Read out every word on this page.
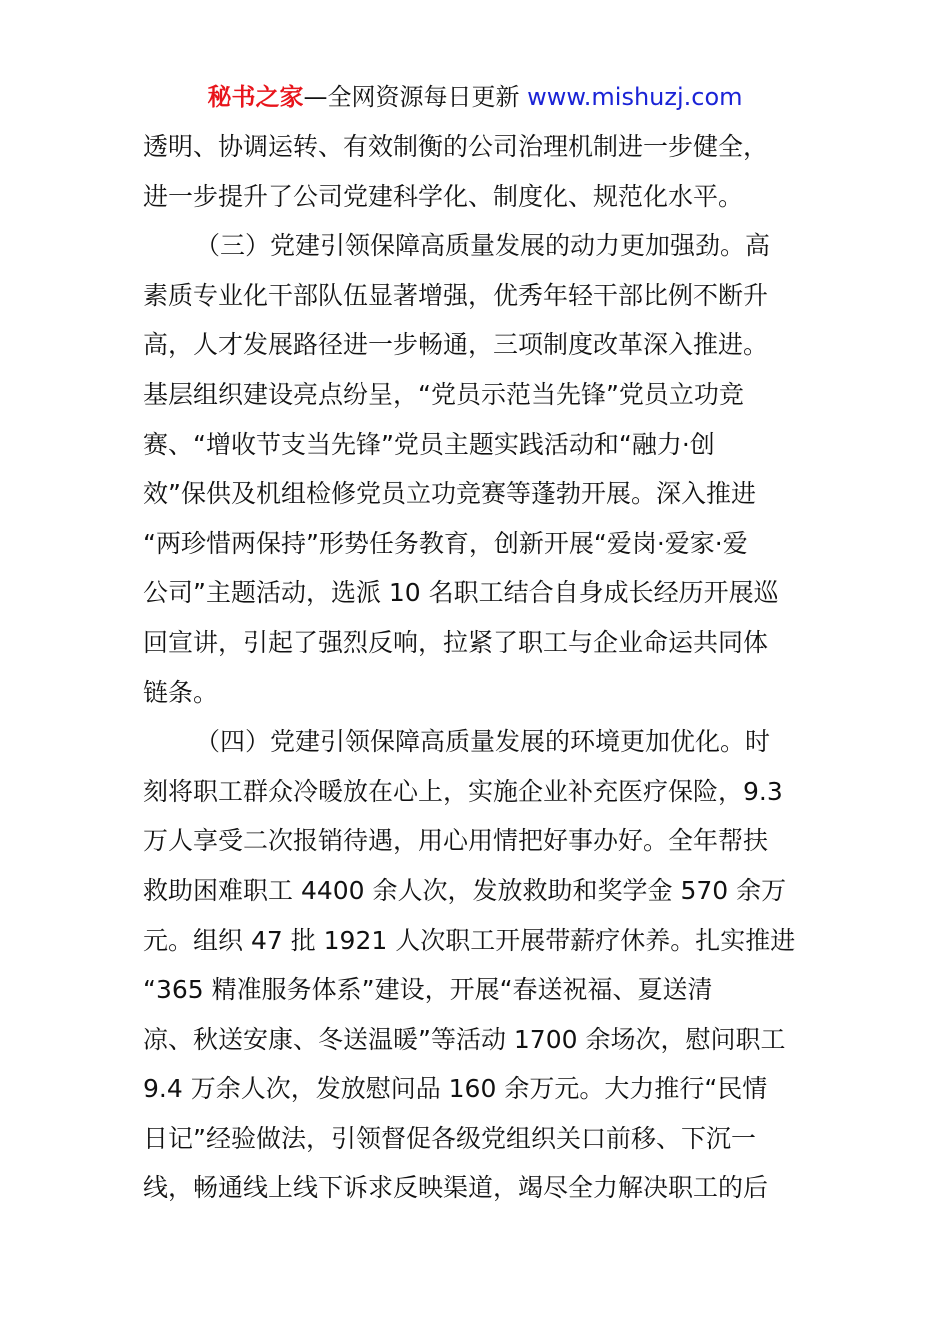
秘书之家—全网资源每日更新 www.mishuzj.com
透明、协调运转、有效制衡的公司治理机制进一步健全，
进一步提升了公司党建科学化、制度化、规范化水平。
（三）党建引领保障高质量发展的动力更加强劲。高
素质专业化干部队伍显著增强，优秀年轻干部比例不断升
高，人才发展路径进一步畅通，三项制度改革深入推进。
基层组织建设亮点纷呈，“党员示范当先锋”党员立功竞
赛、“增收节支当先锋”党员主题实践活动和“融力·创
效”保供及机组检修党员立功竞赛等蓬勃开展。深入推进
“两珍惜两保持”形势任务教育，创新开展“爱岗·爱家·爱
公司”主题活动，选派 10 名职工结合自身成长经历开展巡
回宣讲，引起了强烈反响，拉紧了职工与企业命运共同体
链条。
（四）党建引领保障高质量发展的环境更加优化。时
刻将职工群众冷暖放在心上，实施企业补充医疗保险，9.3
万人享受二次报销待遇，用心用情把好事办好。全年帮扶
救助困难职工 4400 余人次，发放救助和奖学金 570 余万
元。组织 47 批 1921 人次职工开展带薪疗休养。扎实推进
“365 精准服务体系”建设，开展“春送祝福、夏送清
凉、秋送安康、冬送温暖”等活动 1700 余场次，慰问职工
9.4 万余人次，发放慰问品 160 余万元。大力推行“民情
日记”经验做法，引领督促各级党组织关口前移、下沉一
线，畅通线上线下诉求反映渠道，竭尽全力解决职工的后
